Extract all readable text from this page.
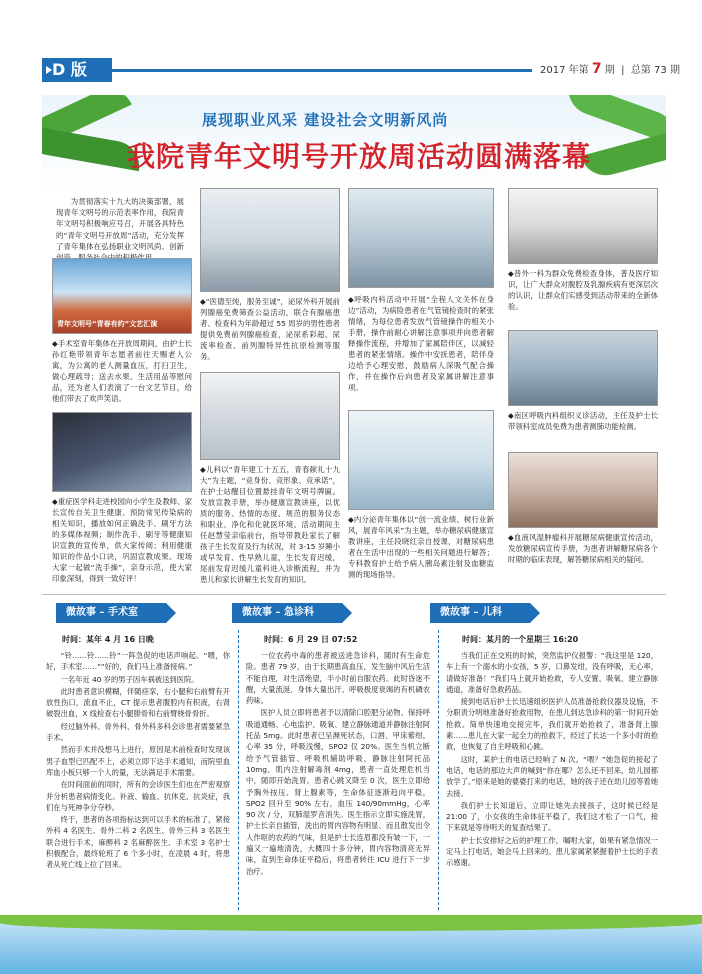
D 版	2017 年第 7 期  |  总第 73 期
展现职业风采 建设社会文明新风尚
我院青年文明号开放周活动圆满落幕
为贯彻落实十九大的决策部署，展现青年文明号的示范表率作用，我院青年文明号积极响应号召，开展各具特色的“青年文明号开放周”活动，充分发挥了青年集体在弘扬职业文明风尚、创新
青年文明号“青春有约”文艺汇演
◆手术室青年集体在开放周期间，由护士长孙红艳带领青年志愿者前往天赐老人公寓，为公寓的老人测量血压，打扫卫生，做心理疏导；送去水果、生活用品等慰问品，还为老人们表演了一台文艺节目，给他们带去了欢声笑语。
◆重症医学科走进校园向小学生及教师、家长宣传自关卫生健康、预防常见传染病的相关知识，播放如何正确洗手、刷牙方法的多媒体视频；制作洗手、刷牙等健康知识宣教的宣传单，供大家传阅；利用健康知识的作品小口诀，巩固宣教成果。现场大家一起做“洗手操”，亲身示范，使大家印象深刻，得到一致好评！
◆“医德至纯，服务至诚”，泌尿外科开展前列腺癌免费筛查公益活动，联合有腺癌患者、检查科为年龄超过 55 周岁的男性患者提供免费前列腺癌检查，泌尿系彩超、尿流率检查、前列腺特异性抗原检测等服务。
◆儿科以“青年建工十五五，青春献礼十九大”为主题，“竞身份、竞形象、竞承诺”，在护士站醒目位置悬挂青年文明号牌匾。发放宣教手册，举办健康宣教讲座，以优质的服务、热情的态度、规范的服务仪态和职业、净化和化就医环境。活动期间主任赵慧莹亲临前台，指导带教赴家长了解孩子生长发育及行为状况，对 3-15 岁睡小或早发育、性早熟儿童，生长发育迟缓，尾前发育迟缓儿童科进入诊断流程，并为患儿和家长讲解生长发育的知识。
◆呼吸内科活动中开展“全程人文关怀在身边”活动，为病险患者在气管镜检查时的紧张情绪，为每位患者发放气管镜操作的相关小手册，操作前耐心讲解注意事项并向患者解释操作流程，并增加了家属陪伴区，以减轻患者的紧张情绪。操作中安抚患者，陪伴身边给予心理安慰，鼓励病人深吸气配合操作，并在操作后向患者及家属讲解注意事项。
◆内分泌青年集体以“创一流业绩、树行业新风，展青年风采”为主题，举办糖尿病健康宣教讲座，主任段晓红亲自授课，对糖尿病患者在生活中出现的一些相关问题进行解答；专科教育护士给予病人胰岛素注射及血糖监测的现场指导。
◆普外一科为群众免费检查身体，普及医疗知识，让广大群众对腹腔及乳腺疾病有更深层次的认识，让群众们实感受到活动带来的全新体验。
◆南区呼吸内科组织义诊活动，主任及护士长带领科室成员免费为患者测肺功能检测。
◆血液风湿肿瘤科开展糖尿病健康宣传活动，发放糖尿病宣传手册，为患者讲解糖尿病各个时期的临床表现，解答糖尿病相关的疑问。
微故事 – 手术室	微故事 – 急诊科	微故事 – 儿科
时间：某年 4 月 16 日晚	时间：6 月 29 日 07:52	时间：某月的一个星期三 16:20

“铃……铃……铃”一阵急促的电话声响起。“喂，你好，手术室……”“好的，我们马上准备接病。”

一名年近 40 岁的男子因车祸被送到医院。

此时患者意识模糊，伴随痉挛，右小腿和右前臂有开放性伤口，流血不止，CT 提示患者腹腔内有积液，右肾破裂出血，X 线检查右小腿腓骨和右前臂桡骨骨折。

经过脑外科、骨外科、骨外科多科会诊患者需要紧急手术。

然而手术并没想马上进行，原因是术前检查时发现该男子血型已匹配不上，必须立即下达手术通知，而院里血库血小板只够一个人的量，无法满足手术需要。

在时间面前的同时，所有的会诊医生们也在严密观察并分析患者病情变化。补液、输血、抗休克、抗炎症，我们在与死神争分夺秒。

终于，患者的各项指标达到可以手术的标准了，紧接外科 4 名医生、骨外二科 2 名医生、骨外三科 3 名医生联合进行手术，麻醉科 2 名麻醉医生、手术室 3 名护士积极配合，最终轮班了 6 个多小时，在凌晨 4 时，将患者从死亡线上拉了回来。

一位农药中毒的患者被送进急诊科，随时有生命危险。患者 79 岁，由于长期患高血压，发生脑中风后生活不能自理，对生活绝望，半小时前自服农药。此时昏迷不醒，大量流涎、身体大量出汗、呼吸极度衰竭的有机磷农药味。

医护人员立即将患者予以清除口腔肥分泌物、保持呼吸道通畅、心电监护、吸氧、建立静脉通道并静脉注射阿托品 5mg。此时患者已呈濒死状态，口唇、甲床紫绀，心率 35 分，呼吸浅慢，SPO2 仅 20%。医生当机立断给予气管插管、呼吸机辅助呼吸，静脉注射阿托品 10mg，肌内注射解毒剂 4mg，患者一直处理危机当中，随即开始洗胃。患者心跳又降至 0 次，医生立即给予胸外按压、肾上腺素等，生命体征逐渐趋向平稳，SPO2 回升至 90% 左右，血压 140/90mmHg，心率 90 次 / 分，双肺湿罗音消失。医生指示立即实施洗胃，护士长亲自插管，洗出的胃内容物有明显、而且散发出令人作呕的农药的气味，但是护士长连眉都没有皱一下，一遍又一遍地清洗，大概四十多分钟，胃内容物清亮无异味，直到生命体征平稳后，将患者转往 ICU 进行下一步治疗。

当我们正在交班的时候，突然监护仪报警：“我这里是 120，车上有一个溺水的小女孩，5 岁，口鼻发绀，没有呼吸，无心率，请做好准备！”我们马上就开始抢救，专人安置、吸氧、建立静脉通道，准备好急救药品。

接到电话后护士长迅速组织医护人员准备抢救仪器及设施，不分职责分明地准备好抢救用物，在患儿到达急诊科的第一时间开始抢救。简单快速地交接完毕，我们就开始抢救了，准备肾上腺素……患儿在大家一起全力的抢救下，经过了长达一个多小时的抢救，也恢复了自主呼吸和心跳。

这时，某护士的电话已经响了 N 次。“喂？”她急促的接起了电话，电话的那边大声的喊到“你在哪？怎么还不回来，幼儿园都放学了。”原来是她的婆婆打来的电话，她的孩子还在幼儿园等着她去接。

我们护士长知道后，立即让她先去接孩子，这时候已经是 21:00 了，小女孩的生命体征平稳了，我们这才松了一口气，接下来就是等待明天的复查结果了。

护士长安排好之后的护理工作，嘱咐大家，如果有紧急情况一定马上打电话，她会马上回来的。患儿家属紧紧握着护士长的手表示感谢。
